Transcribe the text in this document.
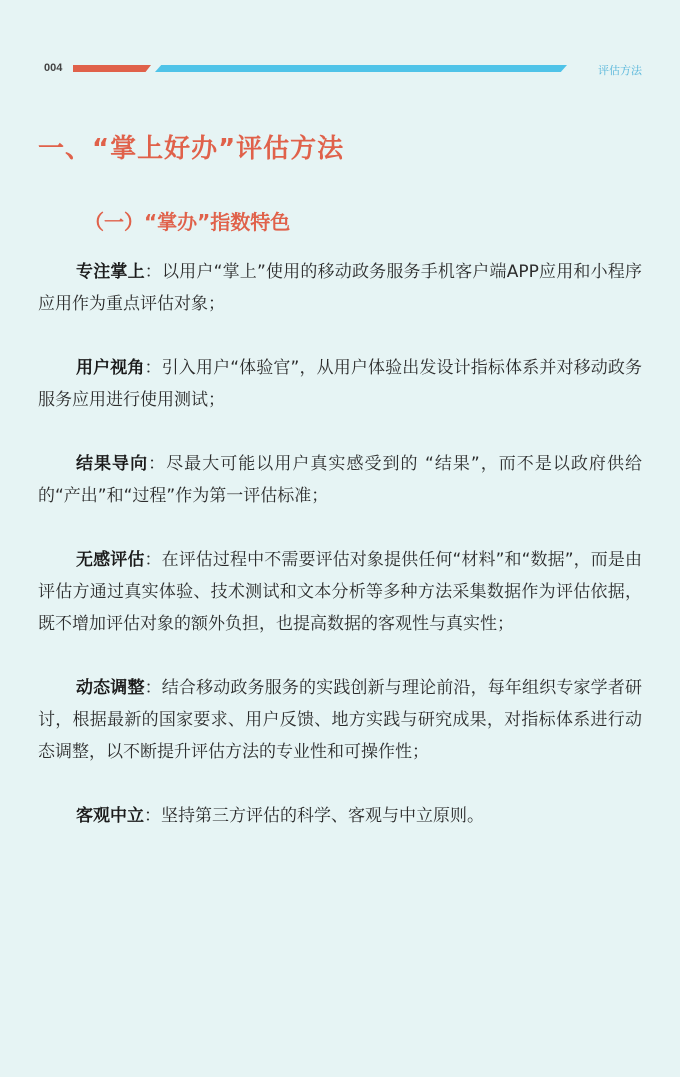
004	评估方法
一、“掌上好办”评估方法
（一）“掌办”指数特色

专注掌上：以用户“掌上”使用的移动政务服务手机客户端APP应用和小程序应用作为重点评估对象；

用户视角：引入用户“体验官”，从用户体验出发设计指标体系并对移动政务服务应用进行使用测试；

结果导向：尽最大可能以用户真实感受到的 “结果”，而不是以政府供给的“产出”和“过程”作为第一评估标准；

无感评估：在评估过程中不需要评估对象提供任何“材料”和“数据”，而是由评估方通过真实体验、技术测试和文本分析等多种方法采集数据作为评估依据，既不增加评估对象的额外负担，也提高数据的客观性与真实性；

动态调整：结合移动政务服务的实践创新与理论前沿，每年组织专家学者研讨，根据最新的国家要求、用户反馈、地方实践与研究成果，对指标体系进行动态调整，以不断提升评估方法的专业性和可操作性；

客观中立：坚持第三方评估的科学、客观与中立原则。
